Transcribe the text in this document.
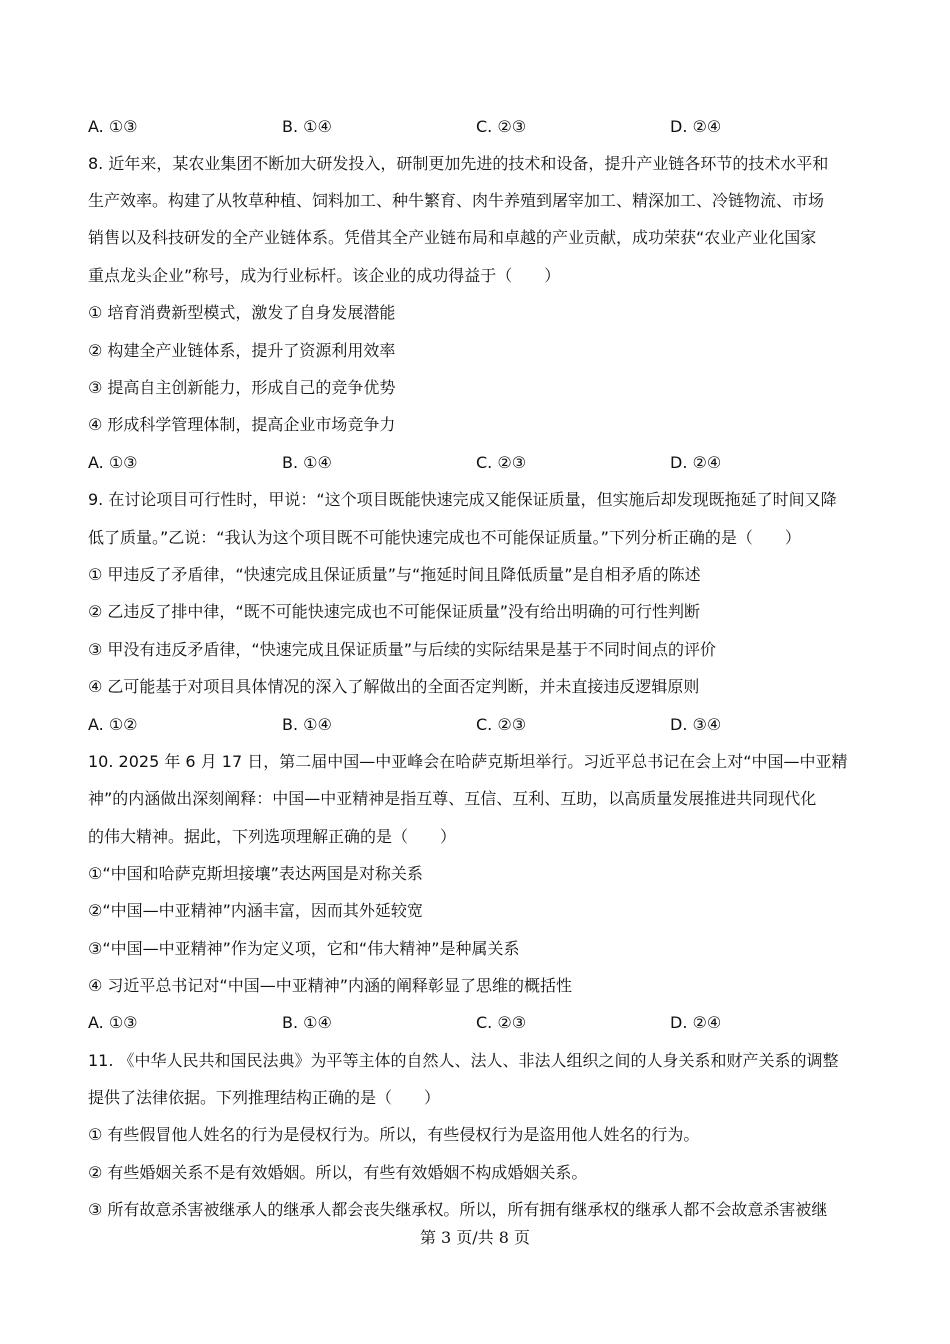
A. ①③	B. ①④	C. ②③	D. ②④
8. 近年来，某农业集团不断加大研发投入，研制更加先进的技术和设备，提升产业链各环节的技术水平和
生产效率。构建了从牧草种植、饲料加工、种牛繁育、肉牛养殖到屠宰加工、精深加工、冷链物流、市场
销售以及科技研发的全产业链体系。凭借其全产业链布局和卓越的产业贡献，成功荣获“农业产业化国家
重点龙头企业”称号，成为行业标杆。该企业的成功得益于（　　）
① 培育消费新型模式，激发了自身发展潜能
② 构建全产业链体系，提升了资源利用效率
③ 提高自主创新能力，形成自己的竞争优势
④ 形成科学管理体制，提高企业市场竞争力
A. ①③	B. ①④	C. ②③	D. ②④
9. 在讨论项目可行性时，甲说：“这个项目既能快速完成又能保证质量，但实施后却发现既拖延了时间又降
低了质量。”乙说：“我认为这个项目既不可能快速完成也不可能保证质量。”下列分析正确的是（　　）
① 甲违反了矛盾律，“快速完成且保证质量”与“拖延时间且降低质量”是自相矛盾的陈述
② 乙违反了排中律，“既不可能快速完成也不可能保证质量”没有给出明确的可行性判断
③ 甲没有违反矛盾律，“快速完成且保证质量”与后续的实际结果是基于不同时间点的评价
④ 乙可能基于对项目具体情况的深入了解做出的全面否定判断，并未直接违反逻辑原则
A. ①②	B. ①④	C. ②③	D. ③④
10. 2025 年 6 月 17 日，第二届中国—中亚峰会在哈萨克斯坦举行。习近平总书记在会上对“中国—中亚精
神”的内涵做出深刻阐释：中国—中亚精神是指互尊、互信、互利、互助，以高质量发展推进共同现代化
的伟大精神。据此，下列选项理解正确的是（　　）
①“中国和哈萨克斯坦接壤”表达两国是对称关系
②“中国—中亚精神”内涵丰富，因而其外延较宽
③“中国—中亚精神”作为定义项，它和“伟大精神”是种属关系
④ 习近平总书记对“中国—中亚精神”内涵的阐释彰显了思维的概括性
A. ①③	B. ①④	C. ②③	D. ②④
11. 《中华人民共和国民法典》为平等主体的自然人、法人、非法人组织之间的人身关系和财产关系的调整
提供了法律依据。下列推理结构正确的是（　　）
① 有些假冒他人姓名的行为是侵权行为。所以，有些侵权行为是盗用他人姓名的行为。
② 有些婚姻关系不是有效婚姻。所以，有些有效婚姻不构成婚姻关系。
③ 所有故意杀害被继承人的继承人都会丧失继承权。所以，所有拥有继承权的继承人都不会故意杀害被继
第 3 页/共 8 页
